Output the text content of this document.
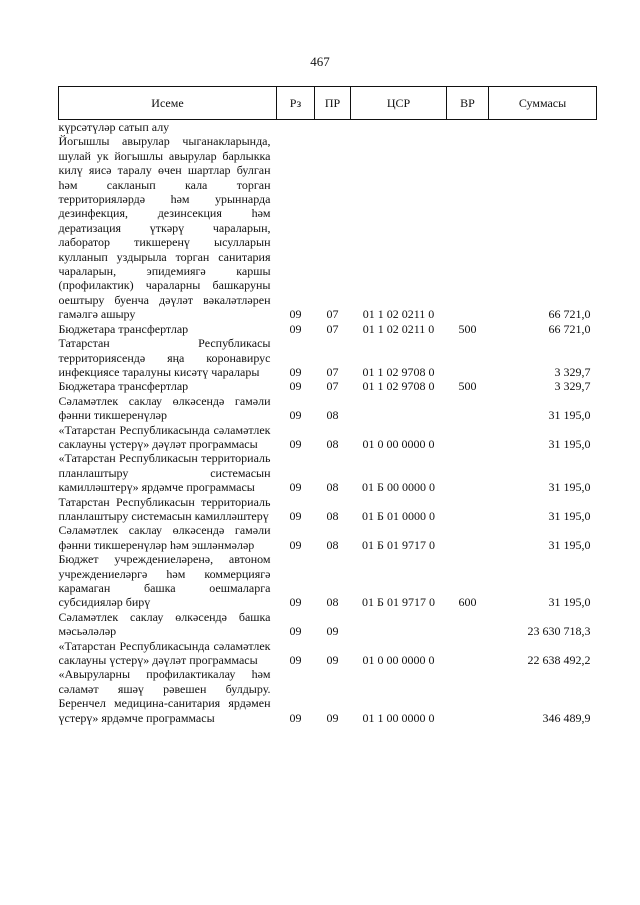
467
Исеме	Рз	ПР	ЦСР	ВР	Суммасы
күрсәтүләр сатып алу					
Йогышлы авырулар чыганакларында, шулай ук йогышлы авырулар барлыкка килү яисә таралу өчен шартлар булган һәм сакланып кала торган территорияләрдә һәм урыннарда дезинфекция, дезинсекция һәм дератизация үткәрү чараларын, лаборатор тикшеренү ысулларын кулланып уздырыла торган санитария чараларын, эпидемиягә каршы (профилактик) чараларны башкаруны оештыру буенча дәүләт вәкаләтләрен гамәлгә ашыру	09	07	01 1 02 0211 0		66 721,0
Бюджетара трансфертлар	09	07	01 1 02 0211 0	500	66 721,0
Татарстан Республикасы территориясендә яңа коронавирус инфекциясе таралуны кисәтү чаралары	09	07	01 1 02 9708 0		3 329,7
Бюджетара трансфертлар	09	07	01 1 02 9708 0	500	3 329,7
Сәламәтлек саклау өлкәсендә гамәли фәнни тикшеренүләр	09	08			31 195,0
«Татарстан Республикасында сәламәтлек саклауны үстерү» дәүләт программасы	09	08	01 0 00 0000 0		31 195,0
«Татарстан Республикасын территориаль планлаштыру системасын камилләштерү» ярдәмче программасы	09	08	01 Б 00 0000 0		31 195,0
Татарстан Республикасын территориаль планлаштыру системасын камилләштерү	09	08	01 Б 01 0000 0		31 195,0
Сәламәтлек саклау өлкәсендә гамәли фәнни тикшеренүләр һәм эшләнмәләр	09	08	01 Б 01 9717 0		31 195,0
Бюджет учреждениеләренә, автоном учреждениеләргә һәм коммерциягә карамаган башка оешмаларга субсидияләр бирү	09	08	01 Б 01 9717 0	600	31 195,0
Сәламәтлек саклау өлкәсендә башка мәсьәләләр	09	09			23 630 718,3
«Татарстан Республикасында сәламәтлек саклауны үстерү» дәүләт программасы	09	09	01 0 00 0000 0		22 638 492,2
«Авыруларны профилактикалау һәм сәламәт яшәү рәвешен булдыру. Беренчел медицина-санитария ярдәмен үстерү» ярдәмче программасы	09	09	01 1 00 0000 0		346 489,9
